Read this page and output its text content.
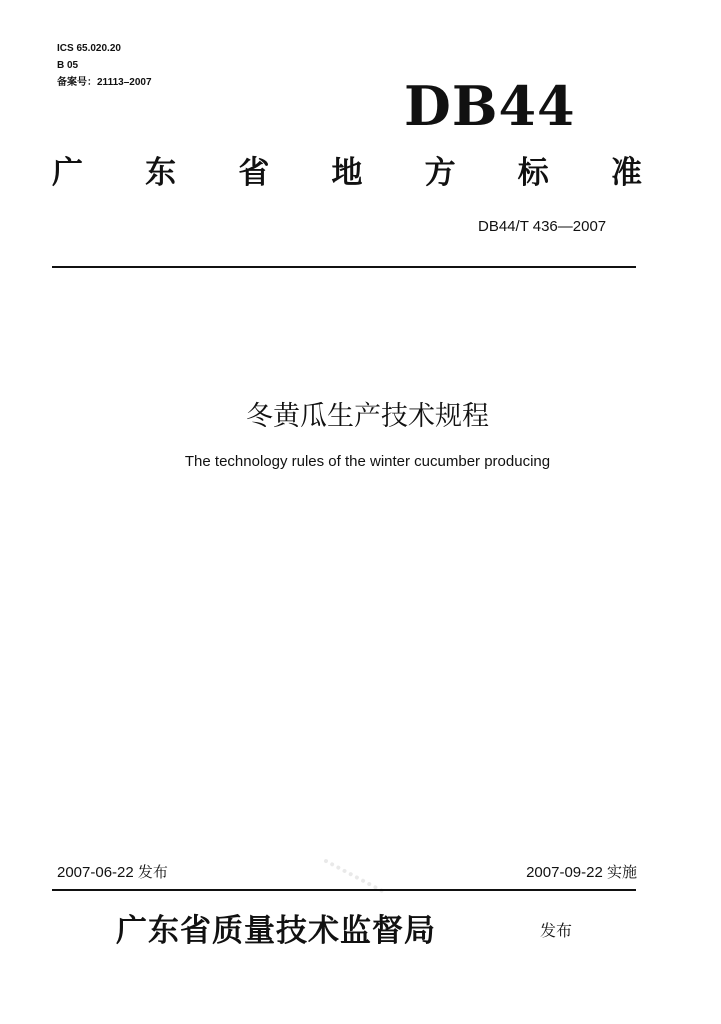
ICS 65.020.20
B 05
备案号：21113–2007	DB44
广 东 省 地 方 标 准
DB44/T 436—2007
冬黄瓜生产技术规程
The technology rules of the winter cucumber producing
2007-06-22 发布	2007-09-22 实施
广东省质量技术监督局	发布
